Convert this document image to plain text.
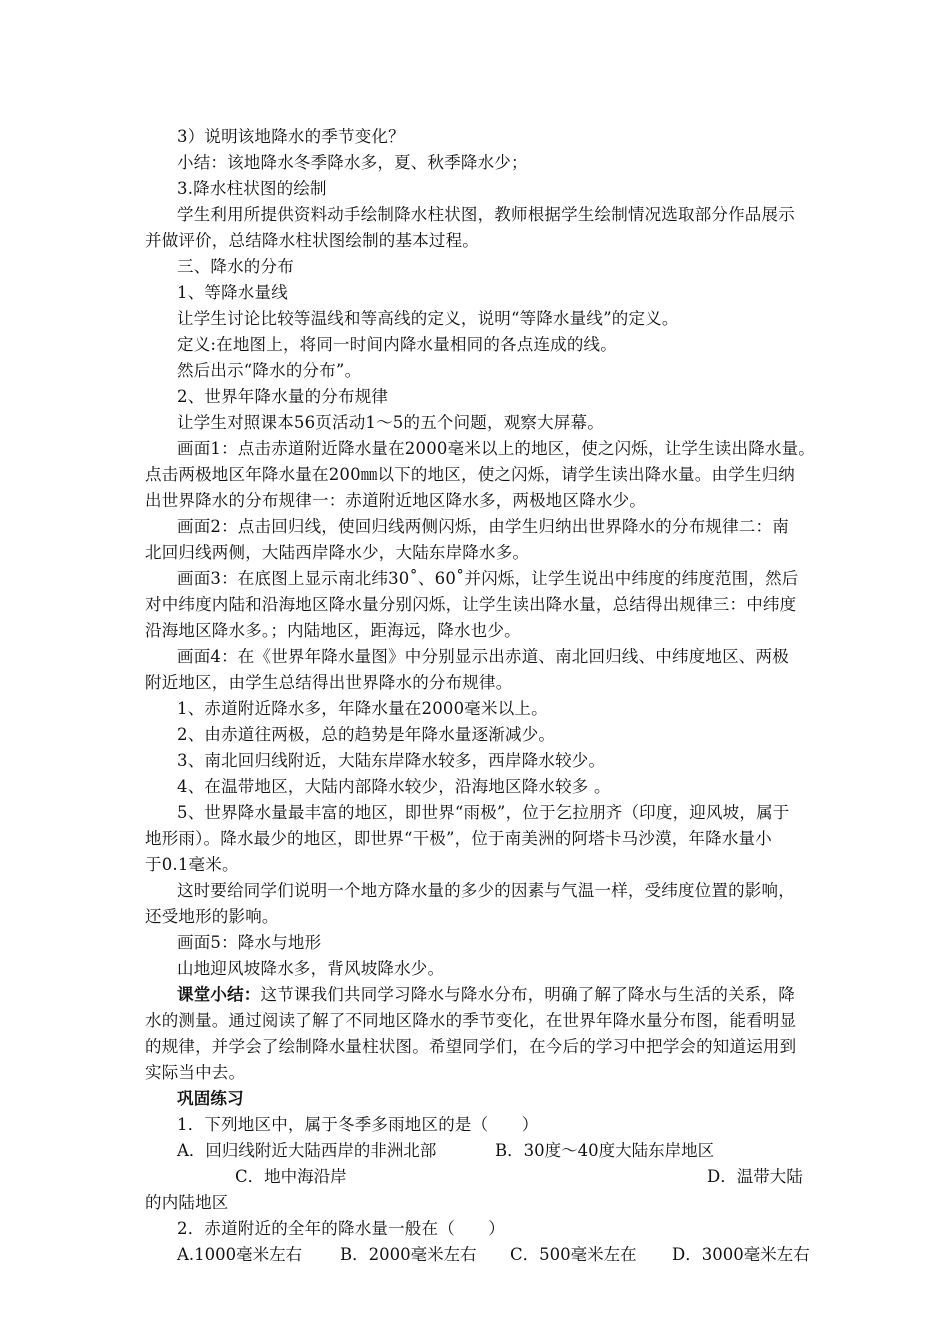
3）说明该地降水的季节变化？
小结：该地降水冬季降水多，夏、秋季降水少；
3.降水柱状图的绘制
学生利用所提供资料动手绘制降水柱状图，教师根据学生绘制情况选取部分作品展示
并做评价，总结降水柱状图绘制的基本过程。
三、降水的分布
1、等降水量线
让学生讨论比较等温线和等高线的定义，说明“等降水量线”的定义。
定义:在地图上，将同一时间内降水量相同的各点连成的线。
然后出示“降水的分布”。
2、世界年降水量的分布规律
让学生对照课本56页活动1～5的五个问题，观察大屏幕。
画面1：点击赤道附近降水量在2000毫米以上的地区，使之闪烁，让学生读出降水量。
点击两极地区年降水量在200㎜以下的地区，使之闪烁，请学生读出降水量。由学生归纳
出世界降水的分布规律一：赤道附近地区降水多，两极地区降水少。
画面2：点击回归线，使回归线两侧闪烁，由学生归纳出世界降水的分布规律二：南
北回归线两侧，大陆西岸降水少，大陆东岸降水多。
画面3：在底图上显示南北纬30˚、60˚并闪烁，让学生说出中纬度的纬度范围，然后
对中纬度内陆和沿海地区降水量分别闪烁，让学生读出降水量，总结得出规律三：中纬度
沿海地区降水多。；内陆地区，距海远，降水也少。
画面4：在《世界年降水量图》中分别显示出赤道、南北回归线、中纬度地区、两极
附近地区，由学生总结得出世界降水的分布规律。
1、赤道附近降水多，年降水量在2000毫米以上。
2、由赤道往两极，总的趋势是年降水量逐渐减少。
3、南北回归线附近，大陆东岸降水较多，西岸降水较少。
4、在温带地区，大陆内部降水较少，沿海地区降水较多 。
5、世界降水量最丰富的地区，即世界“雨极”，位于乞拉朋齐（印度，迎风坡，属于
地形雨）。降水最少的地区，即世界“干极”，位于南美洲的阿塔卡马沙漠，年降水量小
于0.1毫米。
这时要给同学们说明一个地方降水量的多少的因素与气温一样，受纬度位置的影响，
还受地形的影响。
画面5：降水与地形
山地迎风坡降水多，背风坡降水少。
课堂小结：这节课我们共同学习降水与降水分布，明确了解了降水与生活的关系，降
水的测量。通过阅读了解了不同地区降水的季节变化，在世界年降水量分布图，能看明显
的规律，并学会了绘制降水量柱状图。希望同学们，在今后的学习中把学会的知道运用到
实际当中去。
巩固练习
1．下列地区中，属于冬季多雨地区的是（　　）
A．回归线附近大陆西岸的非洲北部	B．30度～40度大陆东岸地区
C．地中海沿岸	D．温带大陆
的内陆地区
2．赤道附近的全年的降水量一般在（　　）
A.1000毫米左右 B．2000毫米左右 C．500毫米左在 D．3000毫米左右
